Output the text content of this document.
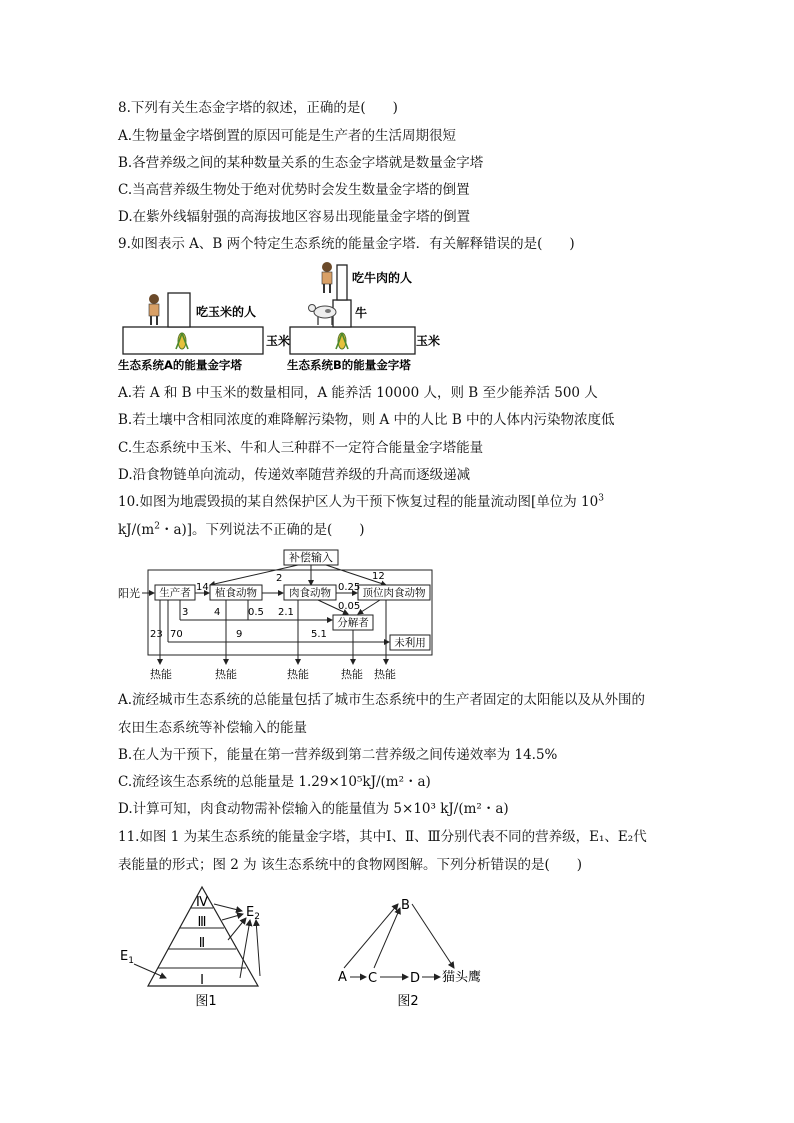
8.下列有关生态金字塔的叙述，正确的是(　　)
A.生物量金字塔倒置的原因可能是生产者的生活周期很短
B.各营养级之间的某种数量关系的生态金字塔就是数量金字塔
C.当高营养级生物处于绝对优势时会发生数量金字塔的倒置
D.在紫外线辐射强的高海拔地区容易出现能量金字塔的倒置
9.如图表示 A、B 两个特定生态系统的能量金字塔．有关解释错误的是(　　)
吃玉米的人
玉米
生态系统A的能量金字塔
吃牛肉的人
牛
玉米
生态系统B的能量金字塔
A.若 A 和 B 中玉米的数量相同，A 能养活 10000 人，则 B 至少能养活 500 人
B.若土壤中含相同浓度的难降解污染物，则 A 中的人比 B 中的人体内污染物浓度低
C.生态系统中玉米、牛和人三种群不一定符合能量金字塔能量
D.沿食物链单向流动，传递效率随营养级的升高而逐级递减
10.如图为地震毁损的某自然保护区人为干预下恢复过程的能量流动图[单位为 $10^3$
$kJ/(m^2$・a)]。下列说法不正确的是(　　)
补偿输入
2	12
阳光 生产者 植食动物	肉食动物	顶位肉食动物
14	0.25
0.05
分解者
3	4	0.5 2.1
未利用
70	9	5.1
23
热能	热能	热能	热能 热能
A.流经城市生态系统的总能量包括了城市生态系统中的生产者固定的太阳能以及从外围的
农田生态系统等补偿输入的能量
B.在人为干预下，能量在第一营养级到第二营养级之间传递效率为 14.5%
C.流经该生态系统的总能量是 1.29×10⁵kJ/(m²・a)
D.计算可知，肉食动物需补偿输入的能量值为 5×10³ kJ/(m²・a)
11.如图 1 为某生态系统的能量金字塔，其中Ⅰ、Ⅱ、Ⅲ分别代表不同的营养级，E₁、E₂代
表能量的形式；图 2 为 该生态系统中的食物网图解。下列分析错误的是(　　)
Ⅳ
Ⅲ
Ⅱ
Ⅰ
$E_1$
$E_2$
图1
B
A C	D 猫头鹰
图2
